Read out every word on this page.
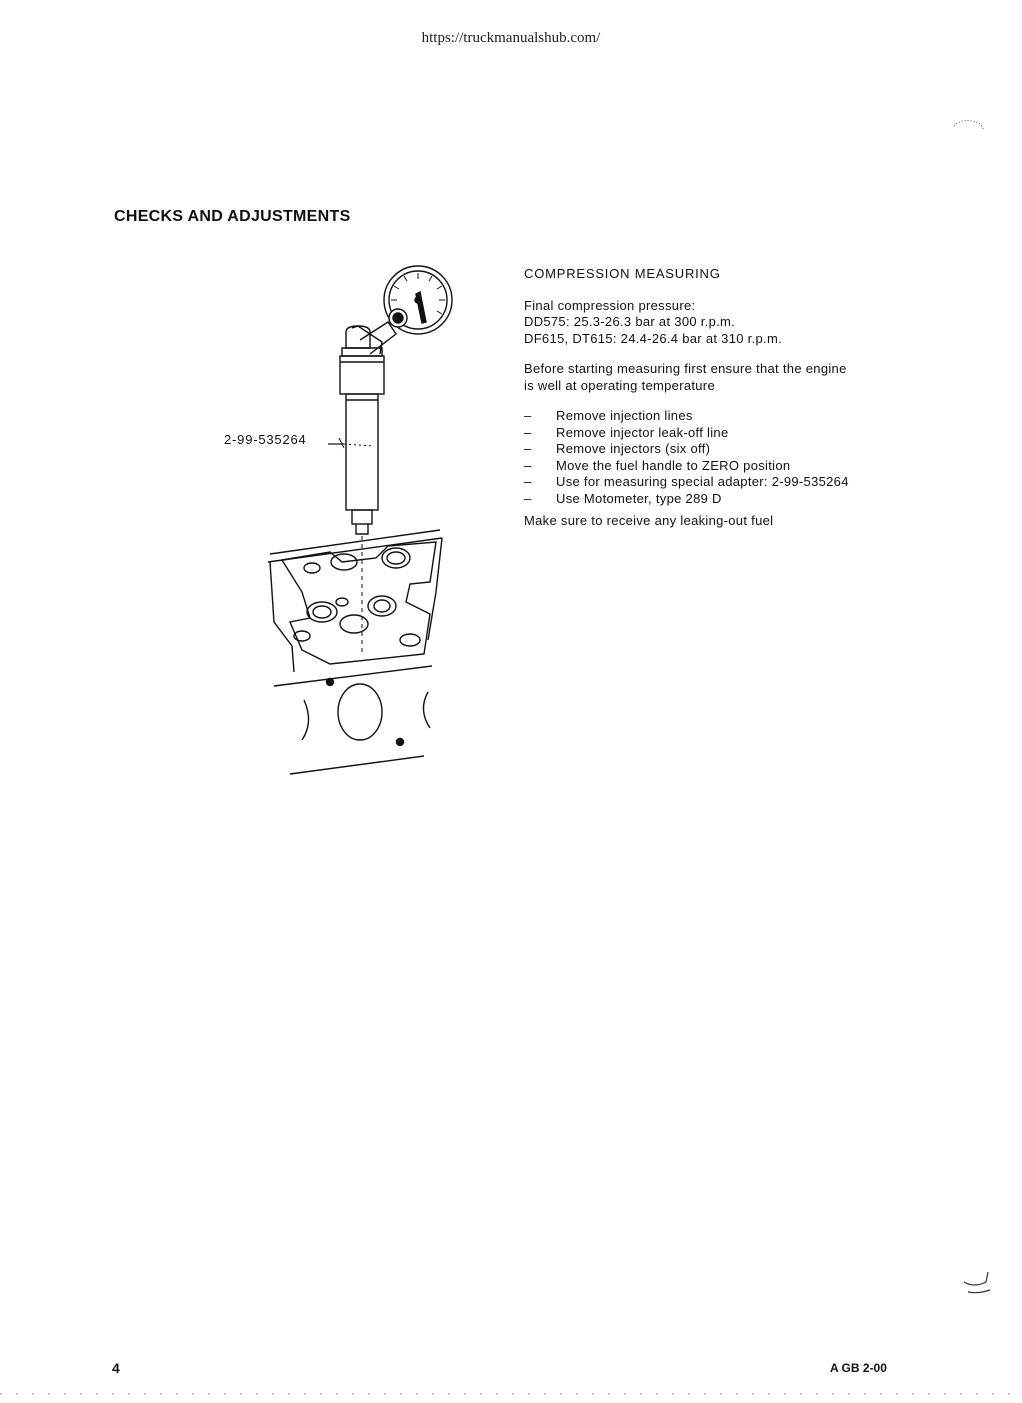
https://truckmanualshub.com/
CHECKS AND ADJUSTMENTS
2-99-535264
COMPRESSION MEASURING
Final compression pressure:
DD575: 25.3-26.3 bar at 300 r.p.m.
DF615, DT615: 24.4-26.4 bar at 310 r.p.m.
Before starting measuring first ensure that the engine
is well at operating temperature
– Remove injection lines
– Remove injector leak-off line
– Remove injectors (six off)
– Move the fuel handle to ZERO position
– Use for measuring special adapter: 2-99-535264
– Use Motometer, type 289 D
Make sure to receive any leaking-out fuel
4	A GB 2-00
